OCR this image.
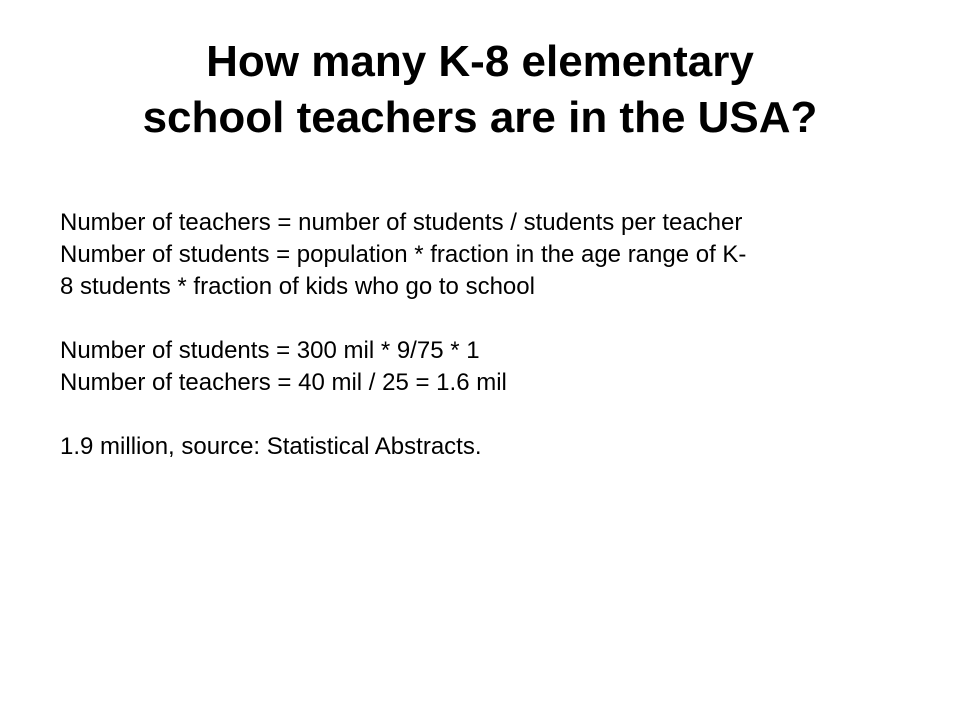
How many K-8 elementary
school teachers are in the USA?

Number of teachers = number of students / students per teacher

Number of students = population * fraction in the age range of K-

8 students * fraction of kids who go to school

Number of students = 300 mil * 9/75 * 1

Number of teachers = 40 mil / 25 = 1.6 mil

1.9 million, source: Statistical Abstracts.
